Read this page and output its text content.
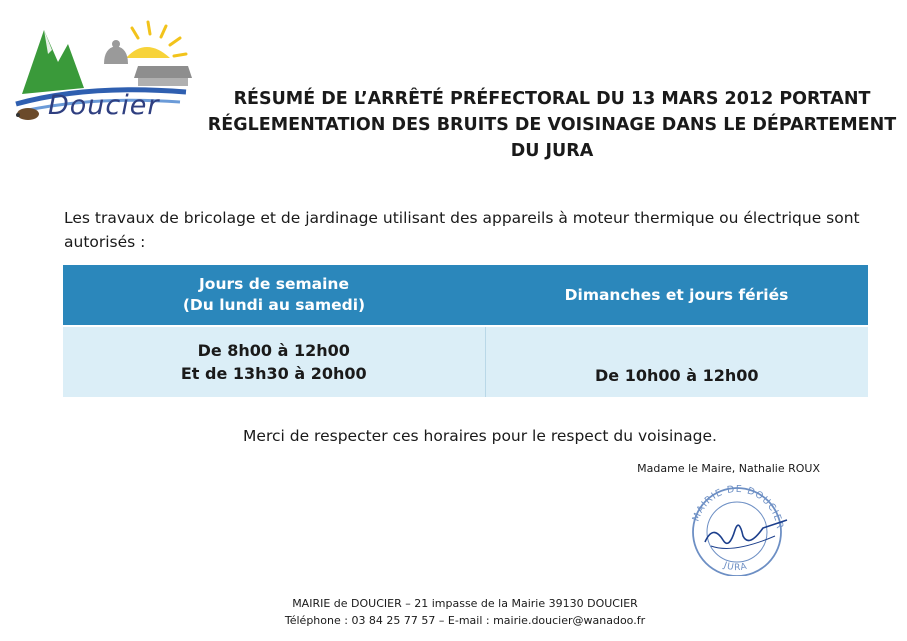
Doucier	RÉSUMÉ DE L’ARRÊTÉ PRÉFECTORAL DU 13 MARS 2012 PORTANT
RÉGLEMENTATION DES BRUITS DE VOISINAGE DANS LE DÉPARTEMENT
DU JURA
Les travaux de bricolage et de jardinage utilisant des appareils à moteur thermique ou électrique sont autorisés :
Jours de semaine
(Du lundi au samedi)	Dimanches et jours fériés

De 8h00 à 12h00
Et de 13h30 à 20h00	De 10h00 à 12h00
Merci de respecter ces horaires pour le respect du voisinage.
Madame le Maire, Nathalie ROUX
MAIRIE DE DOUCIER
JURA
MAIRIE de DOUCIER – 21 impasse de la Mairie 39130 DOUCIER
Téléphone : 03 84 25 77 57 – E-mail : mairie.doucier@wanadoo.fr
